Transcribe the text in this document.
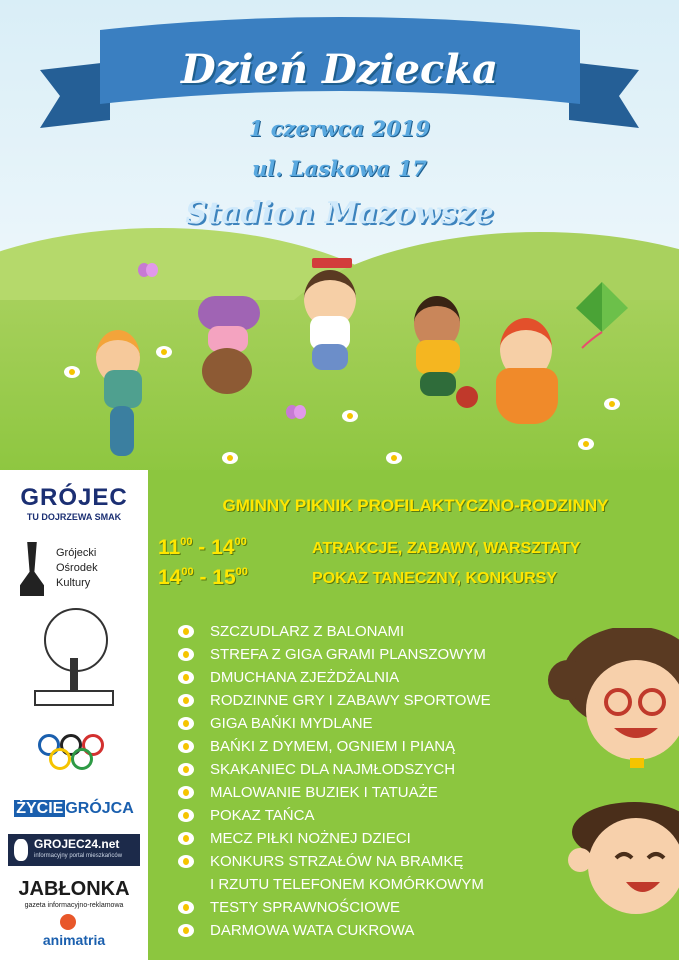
Dzień Dziecka
1 czerwca 2019
ul. Laskowa 17
Stadion Mazowsze
GRÓJEC
TU DOJRZEWA SMAK
Grójecki
Ośrodek
Kultury
ŻYCIE GRÓJCA
GROJEC24.net
informacyjny portal mieszkańców
JABŁONKA
gazeta informacyjno-reklamowa
animatria
GMINNY PIKNIK PROFILAKTYCZNO-RODZINNY
$11^{00} - 14^{00}$	ATRAKCJE, ZABAWY, WARSZTATY
$14^{00} - 15^{00}$	POKAZ TANECZNY, KONKURSY
SZCZUDLARZ Z BALONAMI
STREFA Z GIGA GRAMI PLANSZOWYM
DMUCHANA ZJEŻDŻALNIA
RODZINNE GRY I ZABAWY SPORTOWE
GIGA BAŃKI MYDLANE
BAŃKI Z DYMEM, OGNIEM I PIANĄ
SKAKANIEC DLA NAJMŁODSZYCH
MALOWANIE BUZIEK I TATUAŻE
POKAZ TAŃCA
MECZ PIŁKI NOŻNEJ DZIECI
KONKURS STRZAŁÓW NA BRAMKĘ
I RZUTU TELEFONEM KOMÓRKOWYM
TESTY SPRAWNOŚCIOWE
DARMOWA WATA CUKROWA
